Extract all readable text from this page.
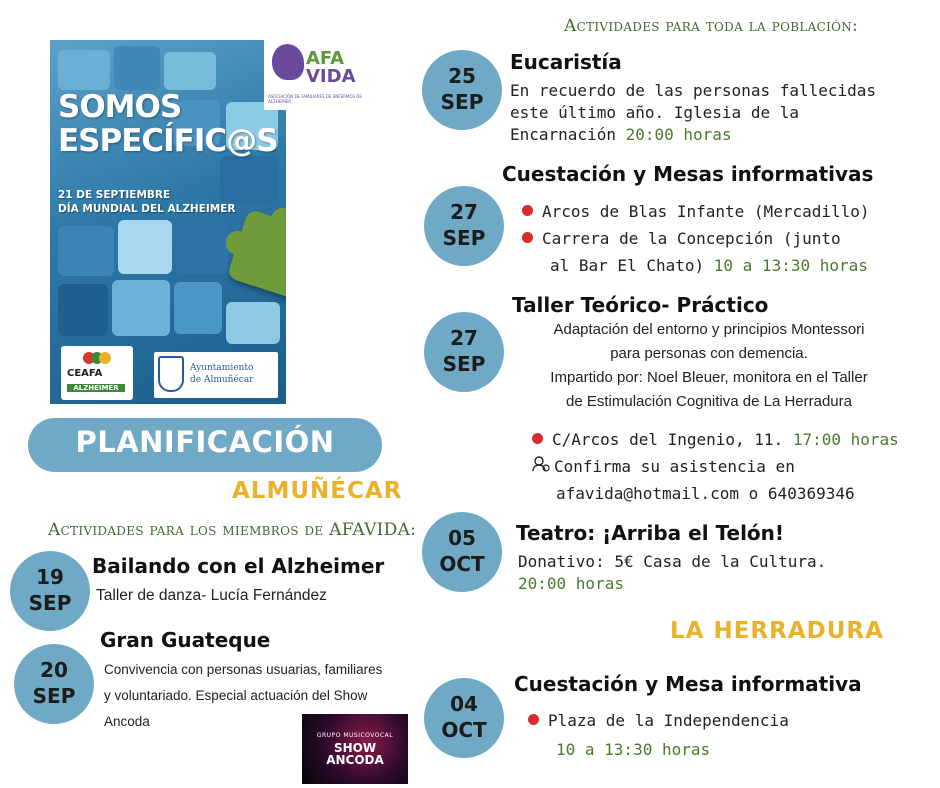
SOMOS
ESPECÍFIC@S
21 DE SEPTIEMBRE
DÍA MUNDIAL DEL ALZHEIMER
CEAFA
ALZHEIMER
Ayuntamiento
de Almuñécar
AFA
VIDA
ASOCIACIÓN DE FAMILIARES DE ENFERMOS DE ALZHEIMER
PLANIFICACIÓN
ALMUÑÉCAR
Actividades para los miembros de AFAVIDA:
19
SEP
Bailando con el Alzheimer
Taller de danza- Lucía Fernández
Gran Guateque
20
SEP
Convivencia con personas usuarias, familiares
y voluntariado. Especial actuación del Show
Ancoda
GRUPO MUSICOVOCAL
SHOW
ANCODA
Actividades para toda la población:
25
SEP
Eucaristía
En recuerdo de las personas fallecidas
este último año. Iglesia de la
Encarnación 20:00 horas
Cuestación y Mesas informativas
27
SEP
Arcos de Blas Infante (Mercadillo)
Carrera de la Concepción (junto
al Bar El Chato) 10 a 13:30 horas
Taller Teórico- Práctico
27
SEP
Adaptación del entorno y principios Montessori
para personas con demencia.
Impartido por: Noel Bleuer, monitora en el Taller
de Estimulación Cognitiva de La Herradura
C/Arcos del Ingenio, 11. 17:00 horas
Confirma su asistencia en
afavida@hotmail.com o 640369346
05
OCT
Teatro: ¡Arriba el Telón!
Donativo: 5€ Casa de la Cultura.
20:00 horas
LA HERRADURA
Cuestación y Mesa informativa
04
OCT	Plaza de la Independencia
10 a 13:30 horas
